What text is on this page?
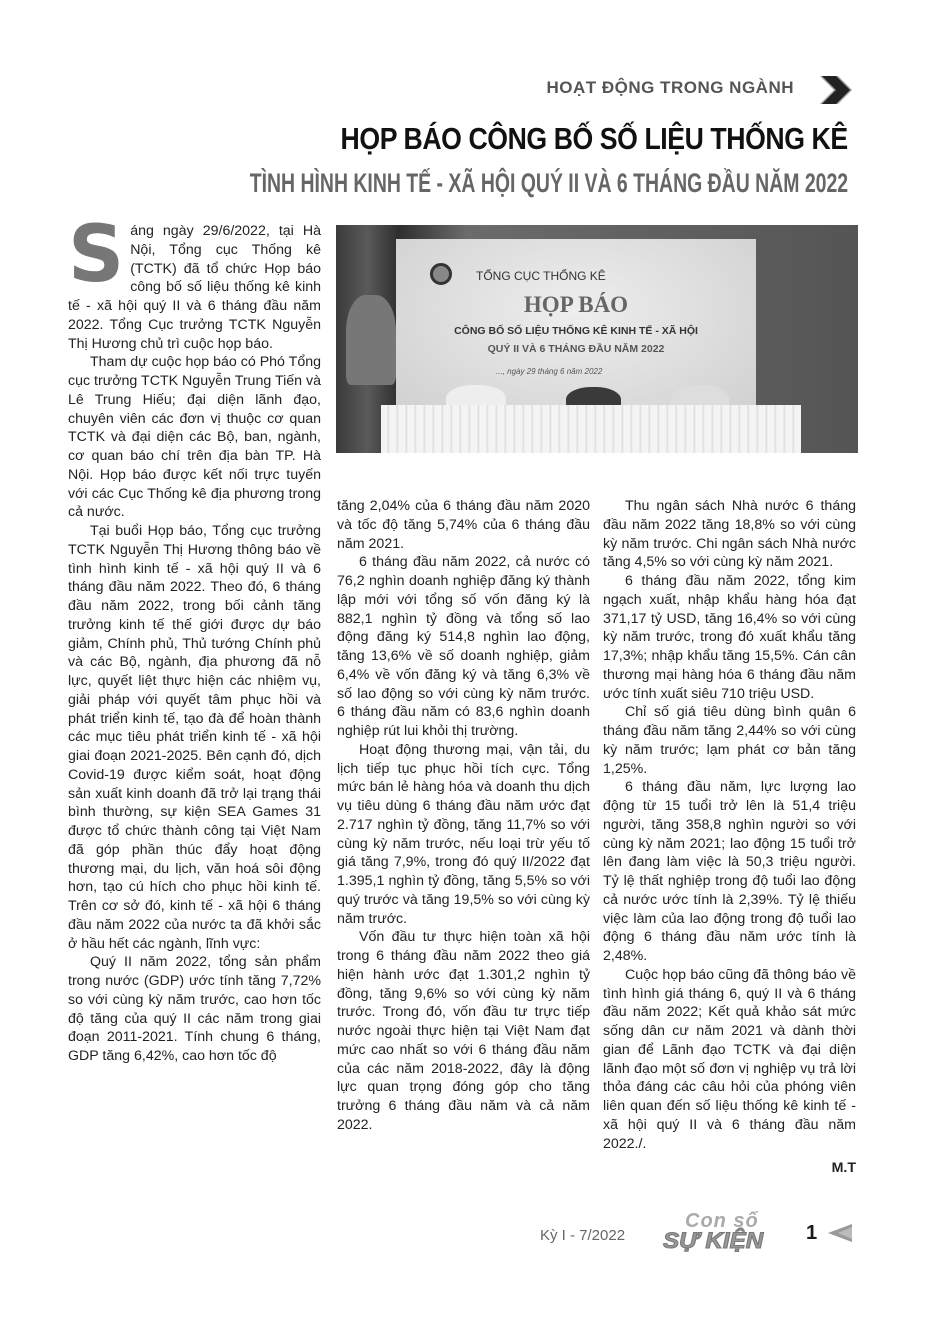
HOẠT ĐỘNG TRONG NGÀNH
HỌP BÁO CÔNG BỐ SỐ LIỆU THỐNG KÊ
TÌNH HÌNH KINH TẾ - XÃ HỘI QUÝ II VÀ 6 THÁNG ĐẦU NĂM 2022
TỔNG CỤC THỐNG KÊ
HỌP BÁO
CÔNG BỐ SỐ LIỆU THỐNG KÊ KINH TẾ - XÃ HỘI
QUÝ II VÀ 6 THÁNG ĐẦU NĂM 2022
..., ngày 29 tháng 6 năm 2022

Sáng ngày 29/6/2022, tại Hà Nội, Tổng cục Thống kê (TCTK) đã tổ chức Họp báo công bố số liệu thống kê kinh tế - xã hội quý II và 6 tháng đầu năm 2022. Tổng Cục trưởng TCTK Nguyễn Thị Hương chủ trì cuộc họp báo.

Tham dự cuộc họp báo có Phó Tổng cục trưởng TCTK Nguyễn Trung Tiến và Lê Trung Hiếu; đại diện lãnh đạo, chuyên viên các đơn vị thuộc cơ quan TCTK và đại diện các Bộ, ban, ngành, cơ quan báo chí trên địa bàn TP. Hà Nội. Họp báo được kết nối trực tuyến với các Cục Thống kê địa phương trong cả nước.

Tại buổi Họp báo, Tổng cục trưởng TCTK Nguyễn Thị Hương thông báo về tình hình kinh tế - xã hội quý II và 6 tháng đầu năm 2022. Theo đó, 6 tháng đầu năm 2022, trong bối cảnh tăng trưởng kinh tế thế giới được dự báo giảm, Chính phủ, Thủ tướng Chính phủ và các Bộ, ngành, địa phương đã nỗ lực, quyết liệt thực hiện các nhiệm vụ, giải pháp với quyết tâm phục hồi và phát triển kinh tế, tạo đà để hoàn thành các mục tiêu phát triển kinh tế - xã hội giai đoạn 2021-2025. Bên cạnh đó, dịch Covid-19 được kiểm soát, hoạt động sản xuất kinh doanh đã trở lại trạng thái bình thường, sự kiện SEA Games 31 được tổ chức thành công tại Việt Nam đã góp phần thúc đẩy hoạt động thương mại, du lịch, văn hoá sôi động hơn, tạo cú hích cho phục hồi kinh tế. Trên cơ sở đó, kinh tế - xã hội 6 tháng đầu năm 2022 của nước ta đã khởi sắc ở hầu hết các ngành, lĩnh vực:

Quý II năm 2022, tổng sản phẩm trong nước (GDP) ước tính tăng 7,72% so với cùng kỳ năm trước, cao hơn tốc độ tăng của quý II các năm trong giai đoạn 2011-2021. Tính chung 6 tháng, GDP tăng 6,42%, cao hơn tốc độ

tăng 2,04% của 6 tháng đầu năm 2020 và tốc độ tăng 5,74% của 6 tháng đầu năm 2021.

6 tháng đầu năm 2022, cả nước có 76,2 nghìn doanh nghiệp đăng ký thành lập mới với tổng số vốn đăng ký là 882,1 nghìn tỷ đồng và tổng số lao động đăng ký 514,8 nghìn lao động, tăng 13,6% về số doanh nghiệp, giảm 6,4% về vốn đăng ký và tăng 6,3% về số lao động so với cùng kỳ năm trước. 6 tháng đầu năm có 83,6 nghìn doanh nghiệp rút lui khỏi thị trường.

Hoạt động thương mại, vận tải, du lịch tiếp tục phục hồi tích cực. Tổng mức bán lẻ hàng hóa và doanh thu dịch vụ tiêu dùng 6 tháng đầu năm ước đạt 2.717 nghìn tỷ đồng, tăng 11,7% so với cùng kỳ năm trước, nếu loại trừ yếu tố giá tăng 7,9%, trong đó quý II/2022 đạt 1.395,1 nghìn tỷ đồng, tăng 5,5% so với quý trước và tăng 19,5% so với cùng kỳ năm trước.

Vốn đầu tư thực hiện toàn xã hội trong 6 tháng đầu năm 2022 theo giá hiện hành ước đạt 1.301,2 nghìn tỷ đồng, tăng 9,6% so với cùng kỳ năm trước. Trong đó, vốn đầu tư trực tiếp nước ngoài thực hiện tại Việt Nam đạt mức cao nhất so với 6 tháng đầu năm của các năm 2018-2022, đây là động lực quan trọng đóng góp cho tăng trưởng 6 tháng đầu năm và cả năm 2022.

Thu ngân sách Nhà nước 6 tháng đầu năm 2022 tăng 18,8% so với cùng kỳ năm trước. Chi ngân sách Nhà nước tăng 4,5% so với cùng kỳ năm 2021.

6 tháng đầu năm 2022, tổng kim ngạch xuất, nhập khẩu hàng hóa đạt 371,17 tỷ USD, tăng 16,4% so với cùng kỳ năm trước, trong đó xuất khẩu tăng 17,3%; nhập khẩu tăng 15,5%. Cán cân thương mại hàng hóa 6 tháng đầu năm ước tính xuất siêu 710 triệu USD.

Chỉ số giá tiêu dùng bình quân 6 tháng đầu năm tăng 2,44% so với cùng kỳ năm trước; lạm phát cơ bản tăng 1,25%.

6 tháng đầu năm, lực lượng lao động từ 15 tuổi trở lên là 51,4 triệu người, tăng 358,8 nghìn người so với cùng kỳ năm 2021; lao động 15 tuổi trở lên đang làm việc là 50,3 triệu người. Tỷ lệ thất nghiệp trong độ tuổi lao động cả nước ước tính là 2,39%. Tỷ lệ thiếu việc làm của lao động trong độ tuổi lao động 6 tháng đầu năm ước tính là 2,48%.

Cuộc họp báo cũng đã thông báo về tình hình giá tháng 6, quý II và 6 tháng đầu năm 2022; Kết quả khảo sát mức sống dân cư năm 2021 và dành thời gian để Lãnh đạo TCTK và đại diện lãnh đạo một số đơn vị nghiệp vụ trả lời thỏa đáng các câu hỏi của phóng viên liên quan đến số liệu thống kê kinh tế - xã hội quý II và 6 tháng đầu năm 2022./.

M.T
Kỳ I - 7/2022
Con số
SỰ KIỆN 1
